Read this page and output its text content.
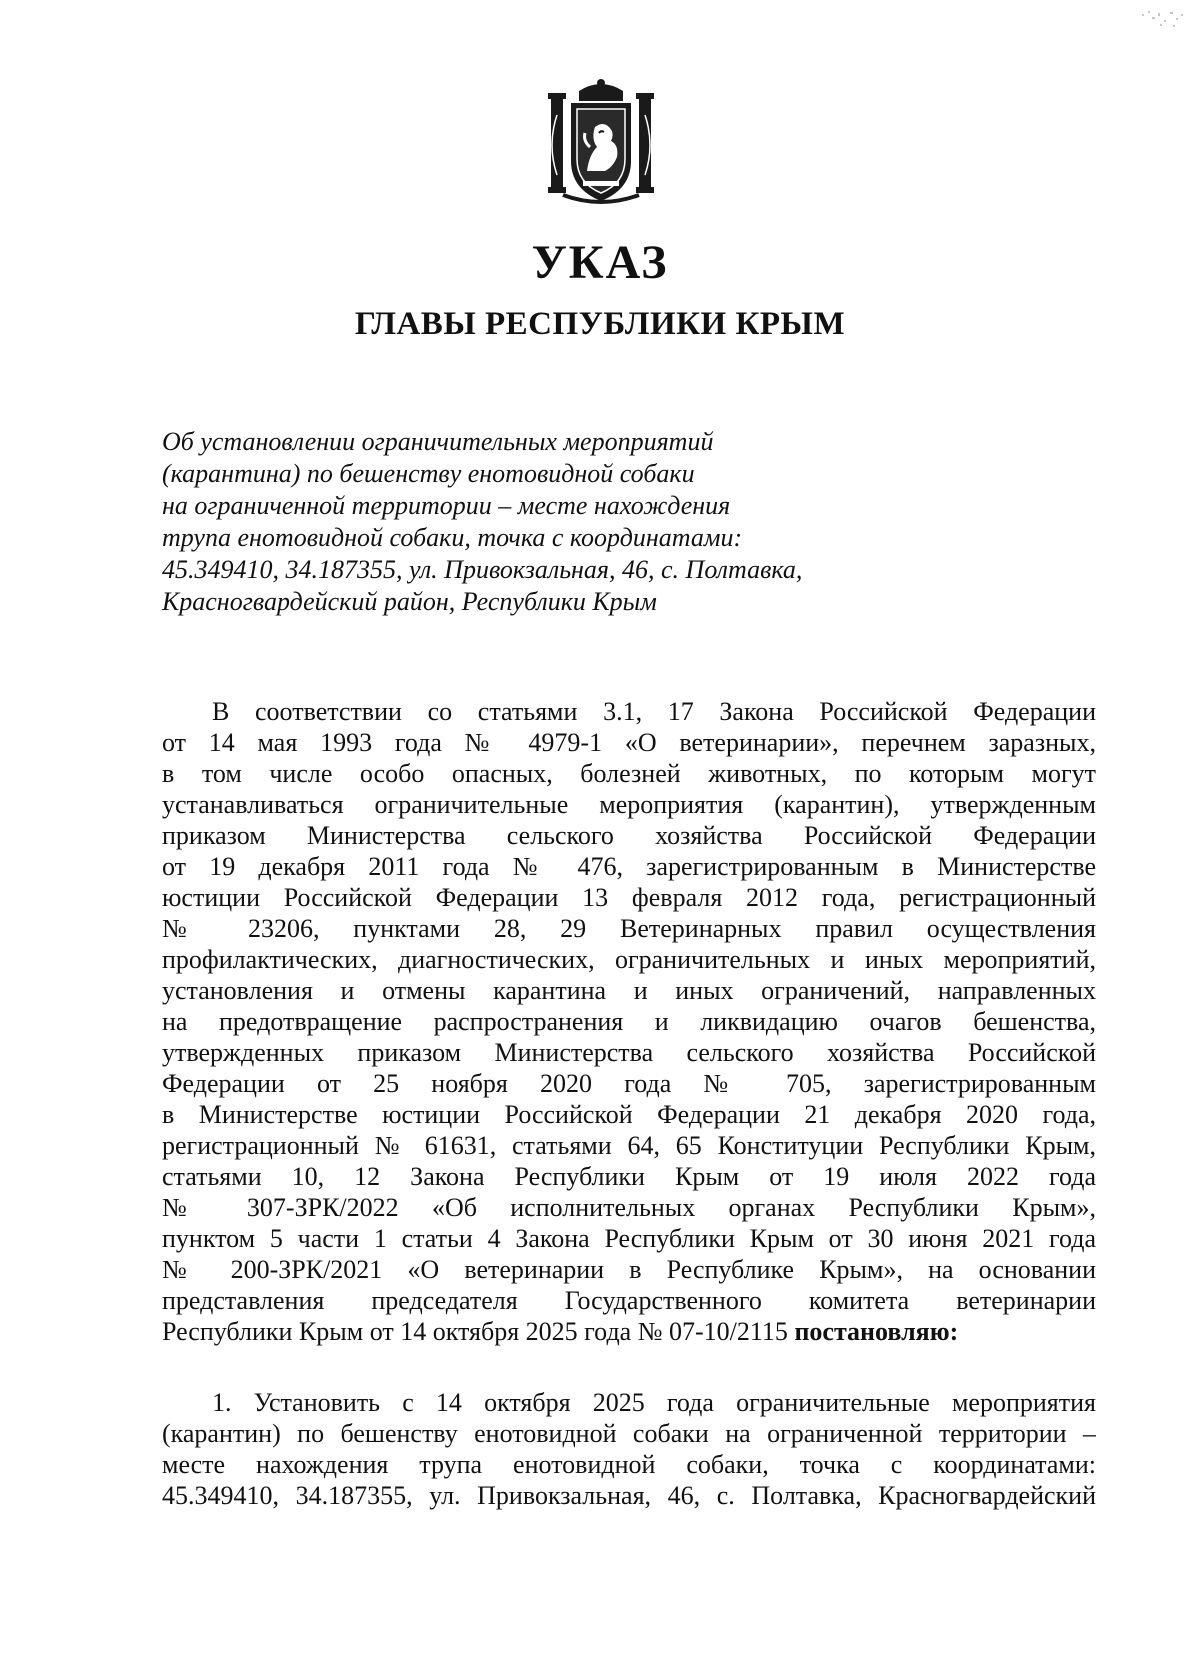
УКАЗ
ГЛАВЫ РЕСПУБЛИКИ КРЫМ
Об установлении ограничительных мероприятий
(карантина) по бешенству енотовидной собаки
на ограниченной территории – месте нахождения
трупа енотовидной собаки, точка с координатами:
45.349410, 34.187355, ул. Привокзальная, 46, с. Полтавка,
Красногвардейский район, Республики Крым
В соответствии со статьями 3.1, 17 Закона Российской Федерации
от 14 мая 1993 года № 4979-1 «О ветеринарии», перечнем заразных,
в том числе особо опасных, болезней животных, по которым могут
устанавливаться ограничительные мероприятия (карантин), утвержденным
приказом Министерства сельского хозяйства Российской Федерации
от 19 декабря 2011 года № 476, зарегистрированным в Министерстве
юстиции Российской Федерации 13 февраля 2012 года, регистрационный
№ 23206, пунктами 28, 29 Ветеринарных правил осуществления
профилактических, диагностических, ограничительных и иных мероприятий,
установления и отмены карантина и иных ограничений, направленных
на предотвращение распространения и ликвидацию очагов бешенства,
утвержденных приказом Министерства сельского хозяйства Российской
Федерации от 25 ноября 2020 года № 705, зарегистрированным
в Министерстве юстиции Российской Федерации 21 декабря 2020 года,
регистрационный № 61631, статьями 64, 65 Конституции Республики Крым,
статьями 10, 12 Закона Республики Крым от 19 июля 2022 года
№ 307-ЗРК/2022 «Об исполнительных органах Республики Крым»,
пунктом 5 части 1 статьи 4 Закона Республики Крым от 30 июня 2021 года
№ 200-ЗРК/2021 «О ветеринарии в Республике Крым», на основании
представления председателя Государственного комитета ветеринарии
Республики Крым от 14 октября 2025 года № 07-10/2115 постановляю:
1. Установить с 14 октября 2025 года ограничительные мероприятия
(карантин) по бешенству енотовидной собаки на ограниченной территории –
месте нахождения трупа енотовидной собаки, точка с координатами:
45.349410, 34.187355, ул. Привокзальная, 46, с. Полтавка, Красногвардейский
